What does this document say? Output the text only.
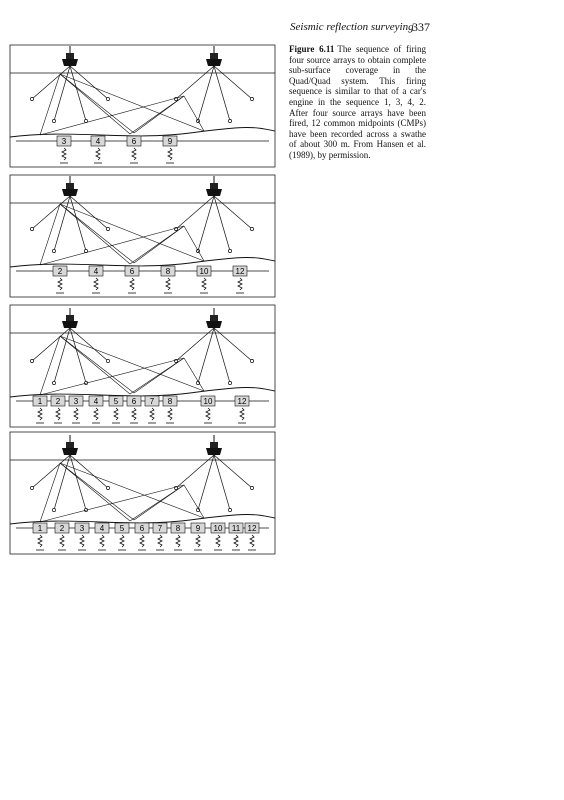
Seismic reflection surveying
337
Figure 6.11 The sequence of firing four source arrays to obtain complete sub-surface coverage in the Quad/Quad system. This firing sequence is similar to that of a car's engine in the sequence 1, 3, 4, 2. After four source arrays have been fired, 12 common midpoints (CMPs) have been recorded across a swathe of about 300 m. From Hansen et al. (1989), by permission.
3	4	6	9
2	4	6	8	10	12
1 2 3 4 5 6 7 8	10	12
1 2 3 4 5 6 7 8 9 10 11 12
